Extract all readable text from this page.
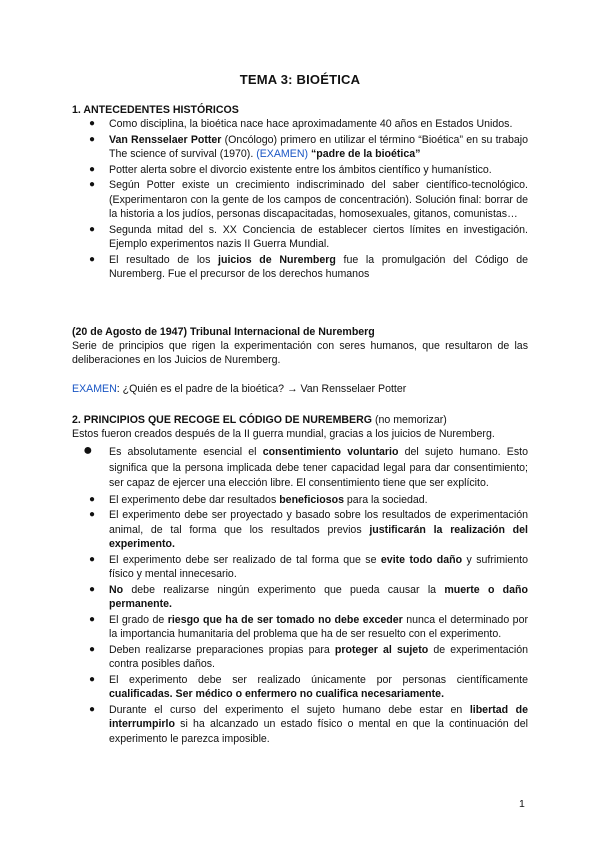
TEMA 3: BIOÉTICA
1. ANTECEDENTES HISTÓRICOS
● Como disciplina, la bioética nace hace aproximadamente 40 años en Estados Unidos.
● Van Rensselaer Potter (Oncólogo) primero en utilizar el término “Bioética” en su trabajo The science of survival (1970). (EXAMEN) “padre de la bioética”
● Potter alerta sobre el divorcio existente entre los ámbitos científico y humanístico.
● Según Potter existe un crecimiento indiscriminado del saber científico-tecnológico. (Experimentaron con la gente de los campos de concentración). Solución final: borrar de la historia a los judíos, personas discapacitadas, homosexuales, gitanos, comunistas…
● Segunda mitad del s. XX Conciencia de establecer ciertos límites en investigación. Ejemplo experimentos nazis II Guerra Mundial.
● El resultado de los juicios de Nuremberg fue la promulgación del Código de Nuremberg. Fue el precursor de los derechos humanos
(20 de Agosto de 1947) Tribunal Internacional de Nuremberg
Serie de principios que rigen la experimentación con seres humanos, que resultaron de las deliberaciones en los Juicios de Nuremberg.
EXAMEN: ¿Quién es el padre de la bioética? → Van Rensselaer Potter
2. PRINCIPIOS QUE RECOGE EL CÓDIGO DE NUREMBERG (no memorizar)
Estos fueron creados después de la II guerra mundial, gracias a los juicios de Nuremberg.
● Es absolutamente esencial el consentimiento voluntario del sujeto humano. Esto significa que la persona implicada debe tener capacidad legal para dar consentimiento; ser capaz de ejercer una elección libre. El consentimiento tiene que ser explícito.
● El experimento debe dar resultados beneficiosos para la sociedad.
● El experimento debe ser proyectado y basado sobre los resultados de experimentación animal, de tal forma que los resultados previos justificarán la realización del experimento.
● El experimento debe ser realizado de tal forma que se evite todo daño y sufrimiento físico y mental innecesario.
● No debe realizarse ningún experimento que pueda causar la muerte o daño permanente.
● El grado de riesgo que ha de ser tomado no debe exceder nunca el determinado por la importancia humanitaria del problema que ha de ser resuelto con el experimento.
● Deben realizarse preparaciones propias para proteger al sujeto de experimentación contra posibles daños.
● El experimento debe ser realizado únicamente por personas científicamente cualificadas. Ser médico o enfermero no cualifica necesariamente.
● Durante el curso del experimento el sujeto humano debe estar en libertad de interrumpirlo si ha alcanzado un estado físico o mental en que la continuación del experimento le parezca imposible.
1
